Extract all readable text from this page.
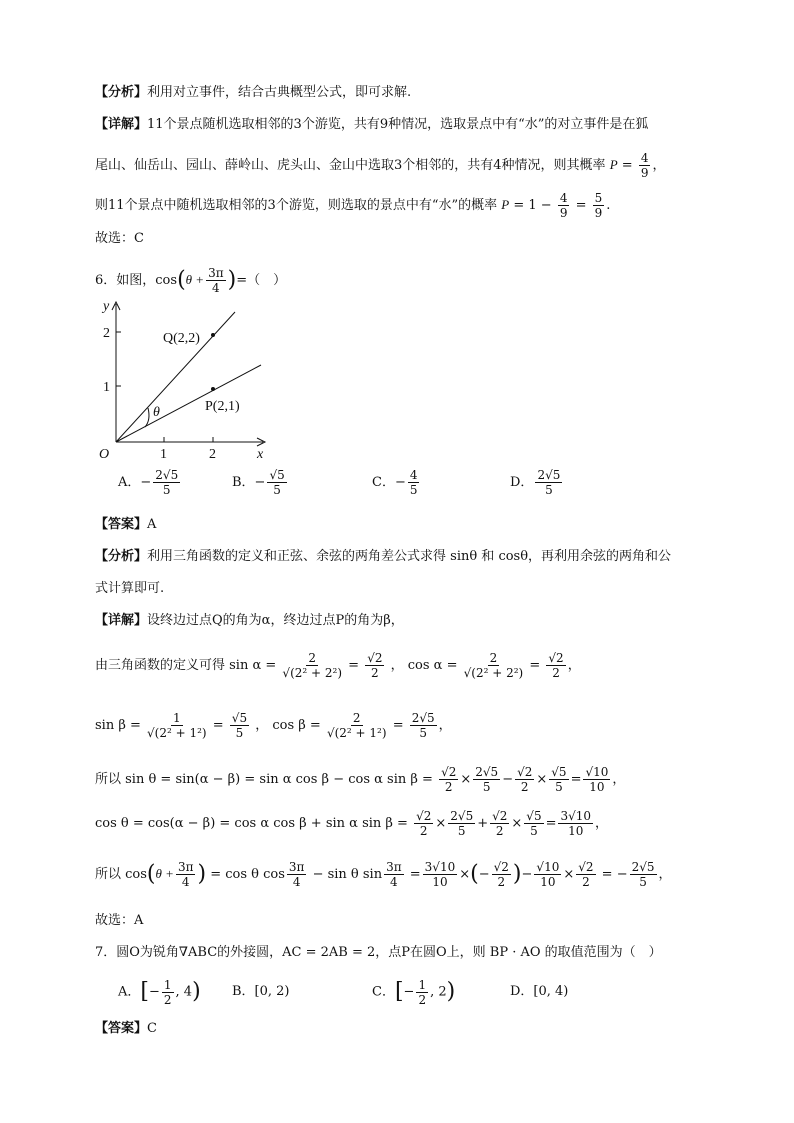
【分析】利用对立事件，结合古典概型公式，即可求解.
【详解】11个景点随机选取相邻的3个游览，共有9种情况，选取景点中有“水”的对立事件是在狐
尾山、仙岳山、园山、薛岭山、虎头山、金山中选取3个相邻的，共有4种情况，则其概率 $P = \frac{4}{9}$ ，
则11个景点中随机选取相邻的3个游览，则选取的景点中有“水”的概率 $P = 1 - \frac{4}{9} = \frac{5}{9}$ .
故选：C
6．如图，$\cos(\theta + \frac{3\pi}{4}$ )=（　）
y
x
O
2
1
1	2
Q(2,2)
P(2,1)
θ
A．− $\frac{2√5}{5}$	B．− $\frac{√5}{5}$	C．− $\frac{4}{5}$	D． $\frac{2√5}{5}$
【答案】A
【分析】利用三角函数的定义和正弦、余弦的两角差公式求得 sinθ 和 cosθ，再利用余弦的两角和公
式计算即可.
【详解】设终边过点Q的角为α，终边过点P的角为β，
由三角函数的定义可得 $\sin \alpha = \frac{2}{\text{√(2² + 2²)}} = \frac{√2}{2}$ ， $\cos \alpha = \frac{2}{\text{√(2² + 2²)}} = \frac{√2}{2}$ ，
$\sin \beta = \frac{1}{\text{√(2² + 1²)}} = \frac{√5}{5}$ ， $\cos \beta = \frac{2}{\text{√(2² + 1²)}} = \frac{2√5}{5}$ ，
所以 sin θ = sin(α − β) = sin α cos β − cos α $\sin \beta = \frac{√2}{2} \times \frac{2√5}{5} - \frac{√2}{2} \times \frac{√5}{5} = \frac{√10}{10}$ ，
cos θ = cos(α − β) = cos α cos β + sin α $\sin \beta = \frac{√2}{2} \times \frac{2√5}{5} + \frac{√2}{2} \times \frac{√5}{5} = \frac{3√10}{10}$ ，
所以 $\cos(\theta + \frac{3\pi}{4}$ ) = cos θ $\cos \frac{3\pi}{4} - \sin \theta$ $\sin \frac{3\pi}{4} = \frac{3√10}{10}$ ×(− $\frac{√2}{2}$ )− $\frac{√10}{10} \times \frac{√2}{2}$ = − $\frac{2√5}{5}$ ，
故选：A
7．圆O为锐角∇ABC的外接圆，AC = 2AB = 2，点P在圆O上，则 BP · AO 的取值范围为（　）
A．[− $\frac{1}{2}$ , 4) B．[0, 2)	C．[− $\frac{1}{2}$ , 2)	D．[0, 4)
【答案】C
